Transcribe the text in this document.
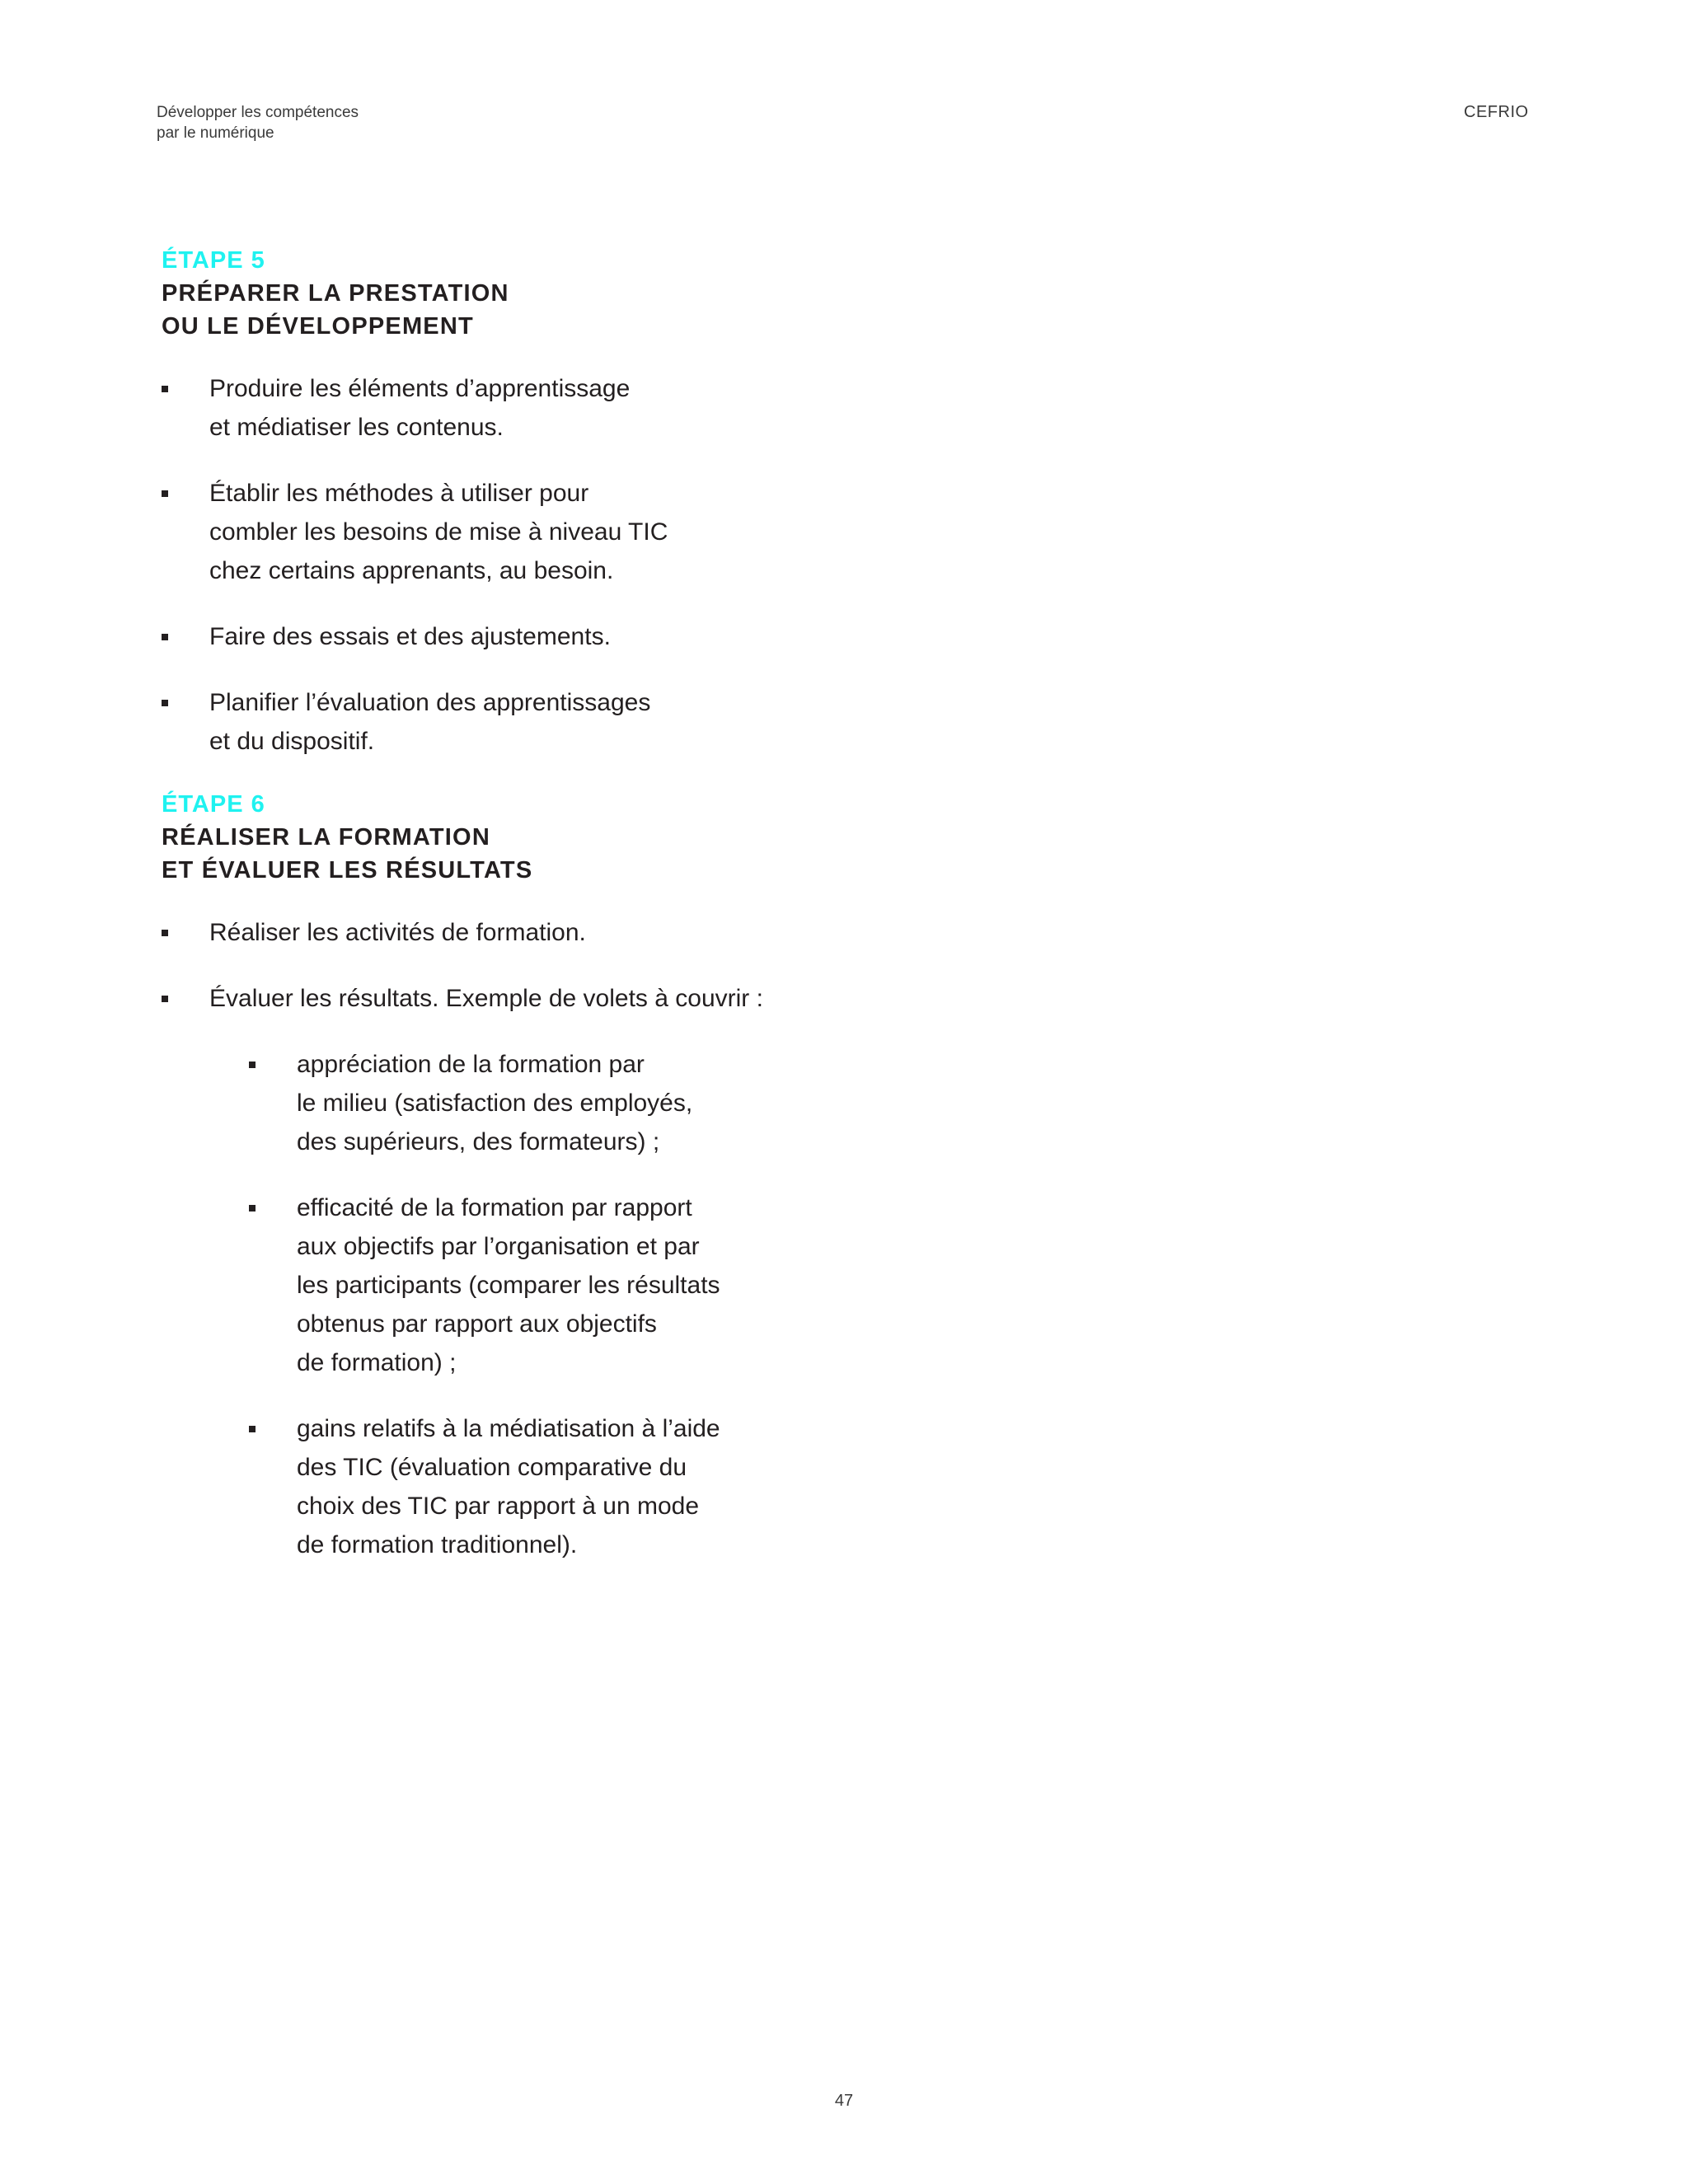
Développer les compétences
par le numérique
CEFRIO
ÉTAPE 5
PRÉPARER LA PRESTATION
OU LE DÉVELOPPEMENT
Produire les éléments d’apprentissage
et médiatiser les contenus.
Établir les méthodes à utiliser pour
combler les besoins de mise à niveau TIC
chez certains apprenants, au besoin.
Faire des essais et des ajustements.
Planifier l’évaluation des apprentissages
et du dispositif.
ÉTAPE 6
RÉALISER LA FORMATION
ET ÉVALUER LES RÉSULTATS
Réaliser les activités de formation.
Évaluer les résultats. Exemple de volets à couvrir :
appréciation de la formation par
le milieu (satisfaction des employés,
des supérieurs, des formateurs) ;
efficacité de la formation par rapport
aux objectifs par l’organisation et par
les participants (comparer les résultats
obtenus par rapport aux objectifs
de formation) ;
gains relatifs à la médiatisation à l’aide
des TIC (évaluation comparative du
choix des TIC par rapport à un mode
de formation traditionnel).
47
